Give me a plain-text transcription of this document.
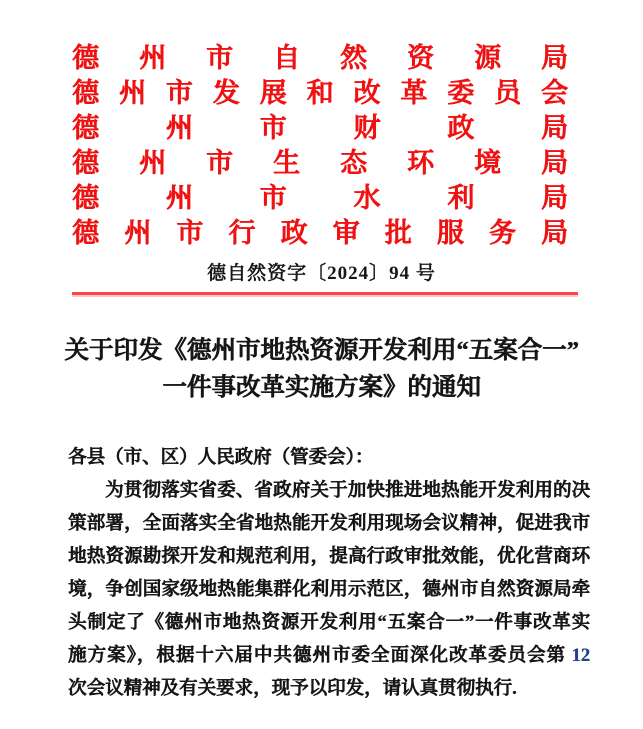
德 州 市 自 然 资 源 局
德 州 市 发 展 和 改 革 委 员 会
德 州 市 财 政 局
德 州 市 生 态 环 境 局
德 州 市 水 利 局
德 州 市 行 政 审 批 服 务 局
德自然资字〔2024〕94 号
关于印发《德州市地热资源开发利用“五案合一”
一件事改革实施方案》的通知
各县（市、区）人民政府（管委会）：
为贯彻落实省委、省政府关于加快推进地热能开发利用的决
策部署，全面落实全省地热能开发利用现场会议精神，促进我市
地热资源勘探开发和规范利用，提高行政审批效能，优化营商环
境，争创国家级地热能集群化利用示范区，德州市自然资源局牵
头制定了《德州市地热资源开发利用“五案合一”一件事改革实
施方案》，根据十六届中共德州市委全面深化改革委员会第 12
次会议精神及有关要求，现予以印发，请认真贯彻执行.
